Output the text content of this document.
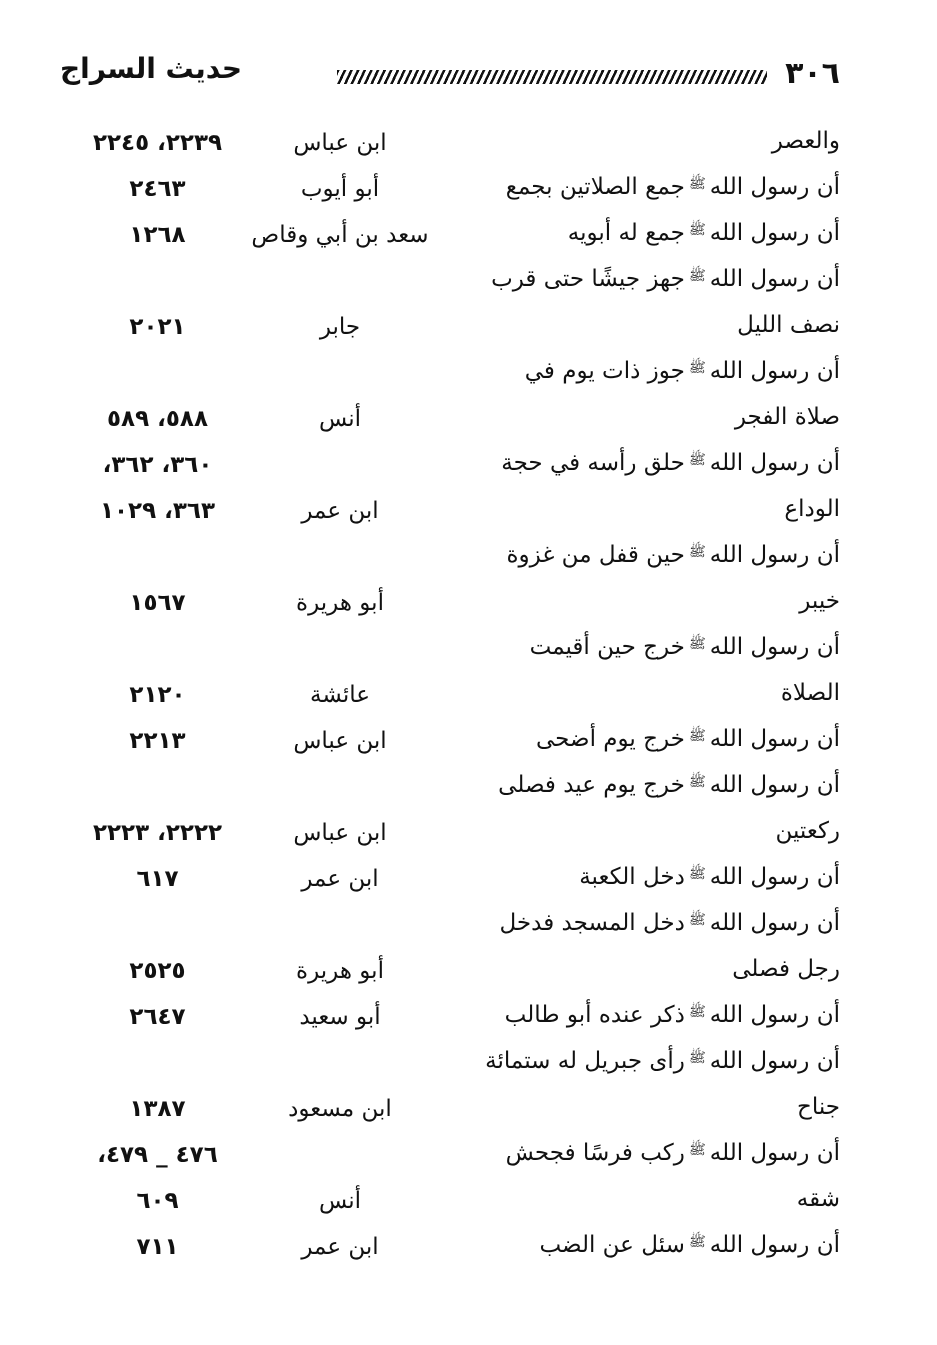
٣٠٦
حديث السراج
والعصر
ابن عباس
٢٢٣٩، ٢٢٤٥
أن رسول اللهﷺجمع الصلاتين بجمع
أبو أيوب
٢٤٦٣
أن رسول اللهﷺجمع له أبويه
سعد بن أبي وقاص
١٢٦٨
أن رسول اللهﷺجهز جيشًا حتى قرب
نصف الليل
جابر
٢٠٢١
أن رسول اللهﷺجوز ذات يوم في
صلاة الفجر
أنس
٥٨٨، ٥٨٩
أن رسول اللهﷺحلق رأسه في حجة
٣٦٠، ٣٦٢،
الوداع
ابن عمر
٣٦٣، ١٠٢٩
أن رسول اللهﷺحين قفل من غزوة
خيبر
أبو هريرة
١٥٦٧
أن رسول اللهﷺخرج حين أقيمت
الصلاة
عائشة
٢١٢٠
أن رسول اللهﷺخرج يوم أضحى
ابن عباس
٢٢١٣
أن رسول اللهﷺخرج يوم عيد فصلى
ركعتين
ابن عباس
٢٢٢٢، ٢٢٢٣
أن رسول اللهﷺدخل الكعبة
ابن عمر
٦١٧
أن رسول اللهﷺدخل المسجد فدخل
رجل فصلى
أبو هريرة
٢٥٢٥
أن رسول اللهﷺذكر عنده أبو طالب
أبو سعيد
٢٦٤٧
أن رسول اللهﷺرأى جبريل له ستمائة
جناح
ابن مسعود
١٣٨٧
أن رسول اللهﷺركب فرسًا فجحش
٤٧٦ _ ٤٧٩،
شقه
أنس
٦٠٩
أن رسول اللهﷺسئل عن الضب
ابن عمر
٧١١
